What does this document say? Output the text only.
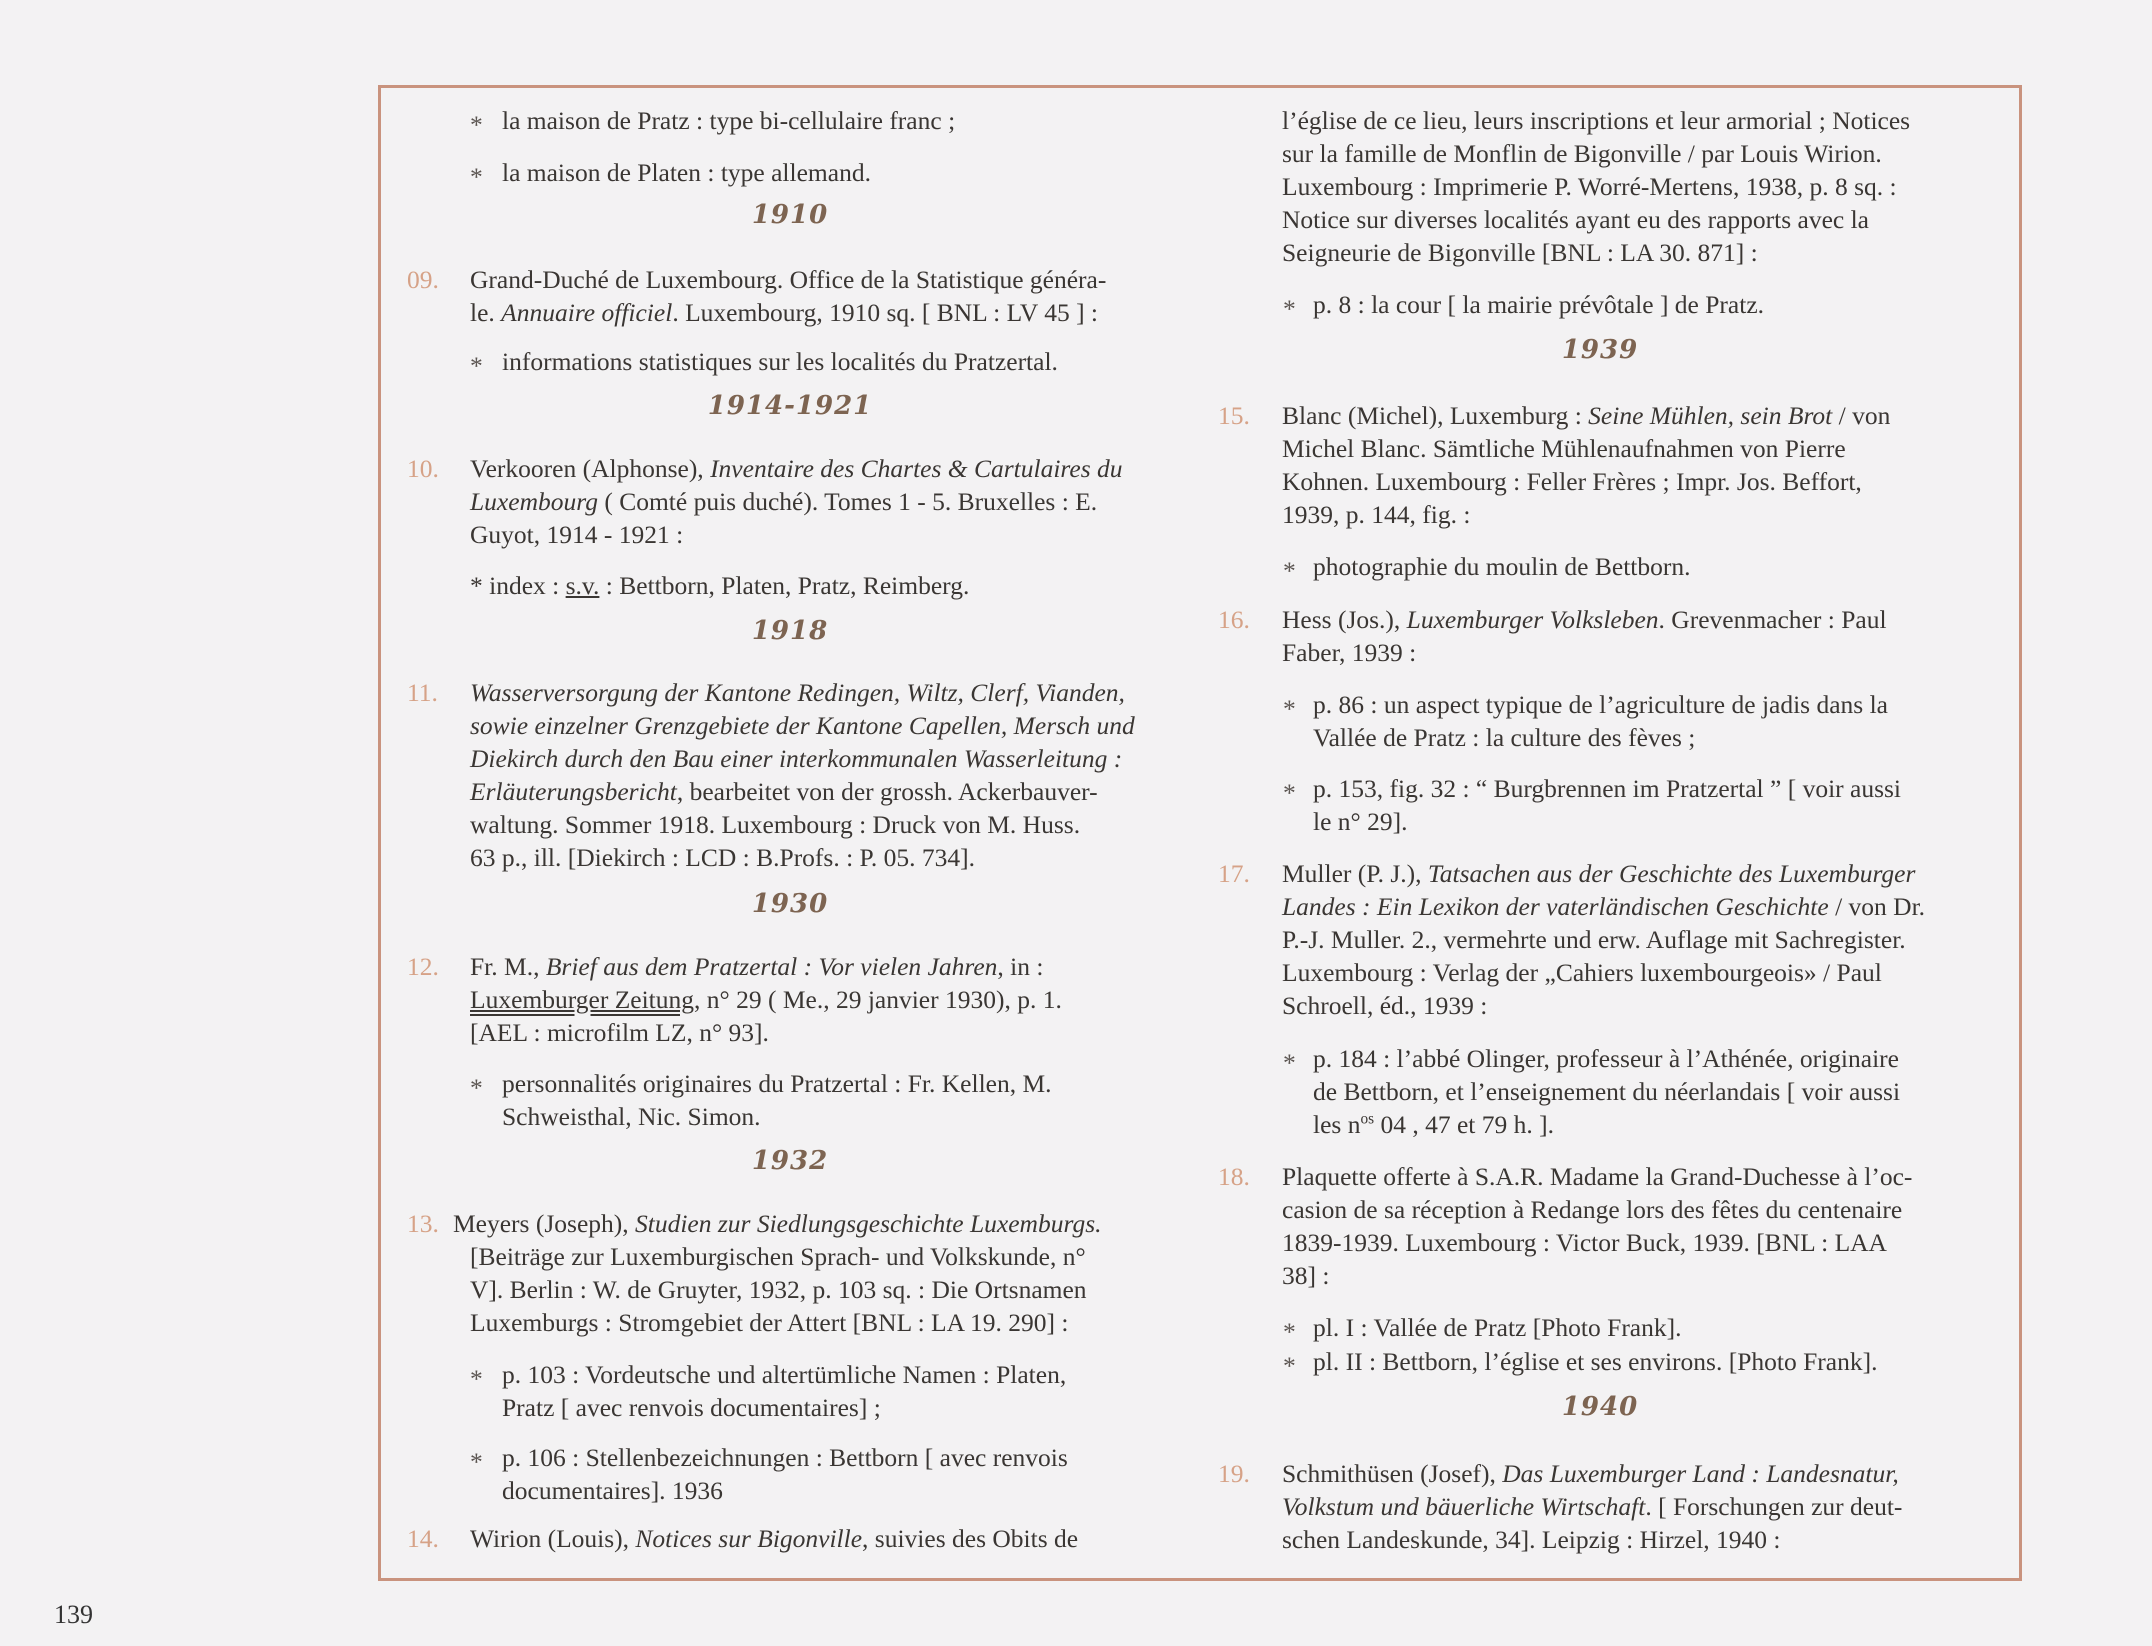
* la maison de Pratz : type bi-cellulaire franc ;
* la maison de Platen : type allemand.
1910
09. Grand-Duché de Luxembourg. Office de la Statistique généra-
le. Annuaire officiel. Luxembourg, 1910 sq. [ BNL : LV 45 ] :
* informations statistiques sur les localités du Pratzertal.
1914-1921
10. Verkooren (Alphonse), Inventaire des Chartes & Cartulaires du
Luxembourg ( Comté puis duché). Tomes 1 - 5. Bruxelles : E.
Guyot, 1914 - 1921 :
* index : s.v. : Bettborn, Platen, Pratz, Reimberg.
1918
11. Wasserversorgung der Kantone Redingen, Wiltz, Clerf, Vianden,
sowie einzelner Grenzgebiete der Kantone Capellen, Mersch und
Diekirch durch den Bau einer interkommunalen Wasserleitung :
Erläuterungsbericht, bearbeitet von der grossh. Ackerbauver-
waltung. Sommer 1918. Luxembourg : Druck von M. Huss.
63 p., ill. [Diekirch : LCD : B.Profs. : P. 05. 734].
1930
12. Fr. M., Brief aus dem Pratzertal : Vor vielen Jahren, in :
Luxemburger Zeitung, n° 29 ( Me., 29 janvier 1930), p. 1.
[AEL : microfilm LZ, n° 93].
* personnalités originaires du Pratzertal : Fr. Kellen, M.
Schweisthal, Nic. Simon.
1932
13. Meyers (Joseph), Studien zur Siedlungsgeschichte Luxemburgs.
[Beiträge zur Luxemburgischen Sprach- und Volkskunde, n°
V]. Berlin : W. de Gruyter, 1932, p. 103 sq. : Die Ortsnamen
Luxemburgs : Stromgebiet der Attert [BNL : LA 19. 290] :
* p. 103 : Vordeutsche und altertümliche Namen : Platen,
Pratz [ avec renvois documentaires] ;
* p. 106 : Stellenbezeichnungen : Bettborn [ avec renvois
documentaires]. 1936
14. Wirion (Louis), Notices sur Bigonville, suivies des Obits de
l’église de ce lieu, leurs inscriptions et leur armorial ; Notices
sur la famille de Monflin de Bigonville / par Louis Wirion.
Luxembourg : Imprimerie P. Worré-Mertens, 1938, p. 8 sq. :
Notice sur diverses localités ayant eu des rapports avec la
Seigneurie de Bigonville [BNL : LA 30. 871] :
* p. 8 : la cour [ la mairie prévôtale ] de Pratz.
1939
15. Blanc (Michel), Luxemburg : Seine Mühlen, sein Brot / von
Michel Blanc. Sämtliche Mühlenaufnahmen von Pierre
Kohnen. Luxembourg : Feller Frères ; Impr. Jos. Beffort,
1939, p. 144, fig. :
* photographie du moulin de Bettborn.
16. Hess (Jos.), Luxemburger Volksleben. Grevenmacher : Paul
Faber, 1939 :
* p. 86 : un aspect typique de l’agriculture de jadis dans la
Vallée de Pratz : la culture des fèves ;
* p. 153, fig. 32 : “ Burgbrennen im Pratzertal ” [ voir aussi
le n° 29].
17. Muller (P. J.), Tatsachen aus der Geschichte des Luxemburger
Landes : Ein Lexikon der vaterländischen Geschichte / von Dr.
P.-J. Muller. 2., vermehrte und erw. Auflage mit Sachregister.
Luxembourg : Verlag der „Cahiers luxembourgeois» / Paul
Schroell, éd., 1939 :
* p. 184 : l’abbé Olinger, professeur à l’Athénée, originaire
de Bettborn, et l’enseignement du néerlandais [ voir aussi
les $n^{os}$ 04 , 47 et 79 h. ].
18. Plaquette offerte à S.A.R. Madame la Grand-Duchesse à l’oc-
casion de sa réception à Redange lors des fêtes du centenaire
1839-1939. Luxembourg : Victor Buck, 1939. [BNL : LAA
38] :
* pl. I : Vallée de Pratz [Photo Frank].
* pl. II : Bettborn, l’église et ses environs. [Photo Frank].
1940
19. Schmithüsen (Josef), Das Luxemburger Land : Landesnatur,
Volkstum und bäuerliche Wirtschaft. [ Forschungen zur deut-
schen Landeskunde, 34]. Leipzig : Hirzel, 1940 :
139
